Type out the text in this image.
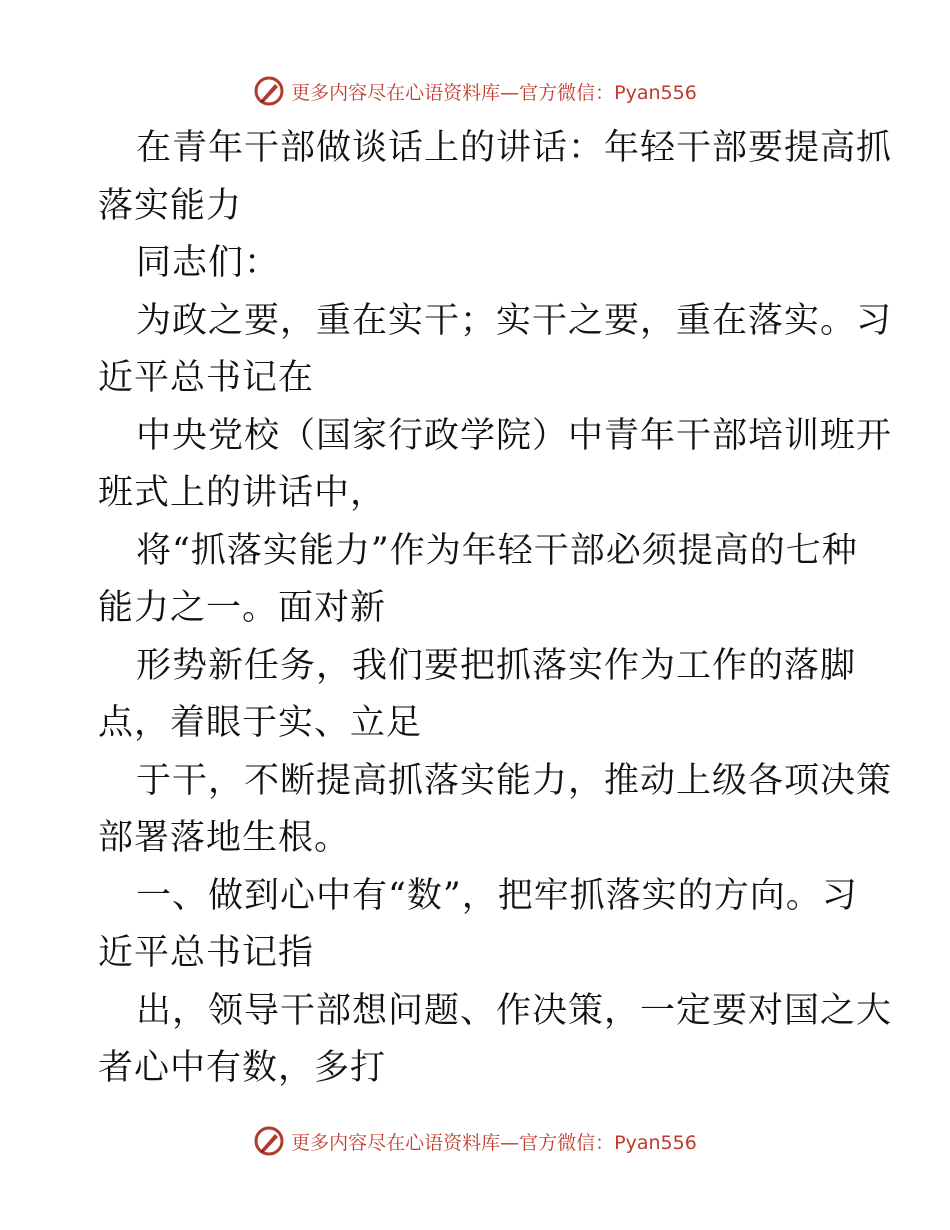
更多内容尽在心语资料库—官方微信：Pyan556
在青年干部做谈话上的讲话：年轻干部要提高抓
落实能力
同志们：
为政之要，重在实干；实干之要，重在落实。习
近平总书记在
中央党校（国家行政学院）中青年干部培训班开
班式上的讲话中，
将“抓落实能力”作为年轻干部必须提高的七种
能力之一。面对新
形势新任务，我们要把抓落实作为工作的落脚
点，着眼于实、立足
于干，不断提高抓落实能力，推动上级各项决策
部署落地生根。
一、做到心中有“数”，把牢抓落实的方向。习
近平总书记指
出，领导干部想问题、作决策，一定要对国之大
者心中有数，多打
更多内容尽在心语资料库—官方微信：Pyan556
